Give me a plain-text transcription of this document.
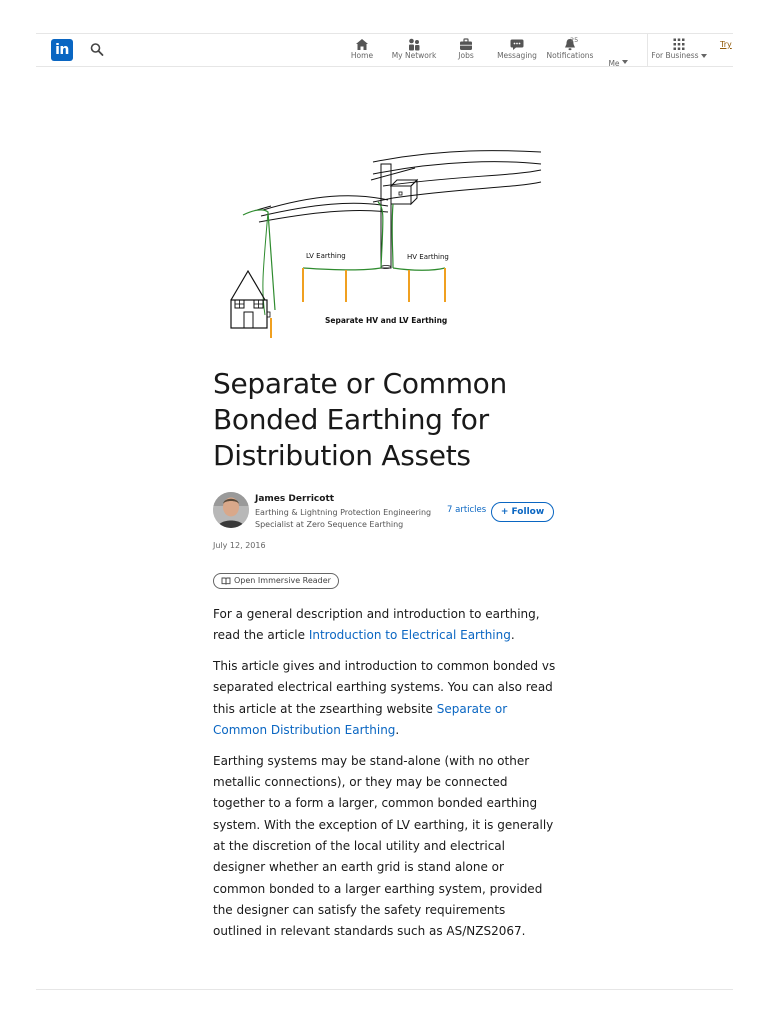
in	Home	My Network	Jobs	Messaging
25
Notifications
Me
For Business
Try
LV Earthing	HV Earthing
Separate HV and LV Earthing
Separate or Common Bonded Earthing for Distribution Assets
James Derricott
Earthing & Lightning Protection Engineering Specialist at Zero Sequence Earthing
7 articles	+ Follow
July 12, 2016
Open Immersive Reader

For a general description and introduction to earthing, read the article Introduction to Electrical Earthing.

This article gives and introduction to common bonded vs separated electrical earthing systems. You can also read this article at the zsearthing website Separate or Common Distribution Earthing.

Earthing systems may be stand-alone (with no other metallic connections), or they may be connected together to a form a larger, common bonded earthing system. With the exception of LV earthing, it is generally at the discretion of the local utility and electrical designer whether an earth grid is stand alone or common bonded to a larger earthing system, provided the designer can satisfy the safety requirements outlined in relevant standards such as AS/NZS2067.
